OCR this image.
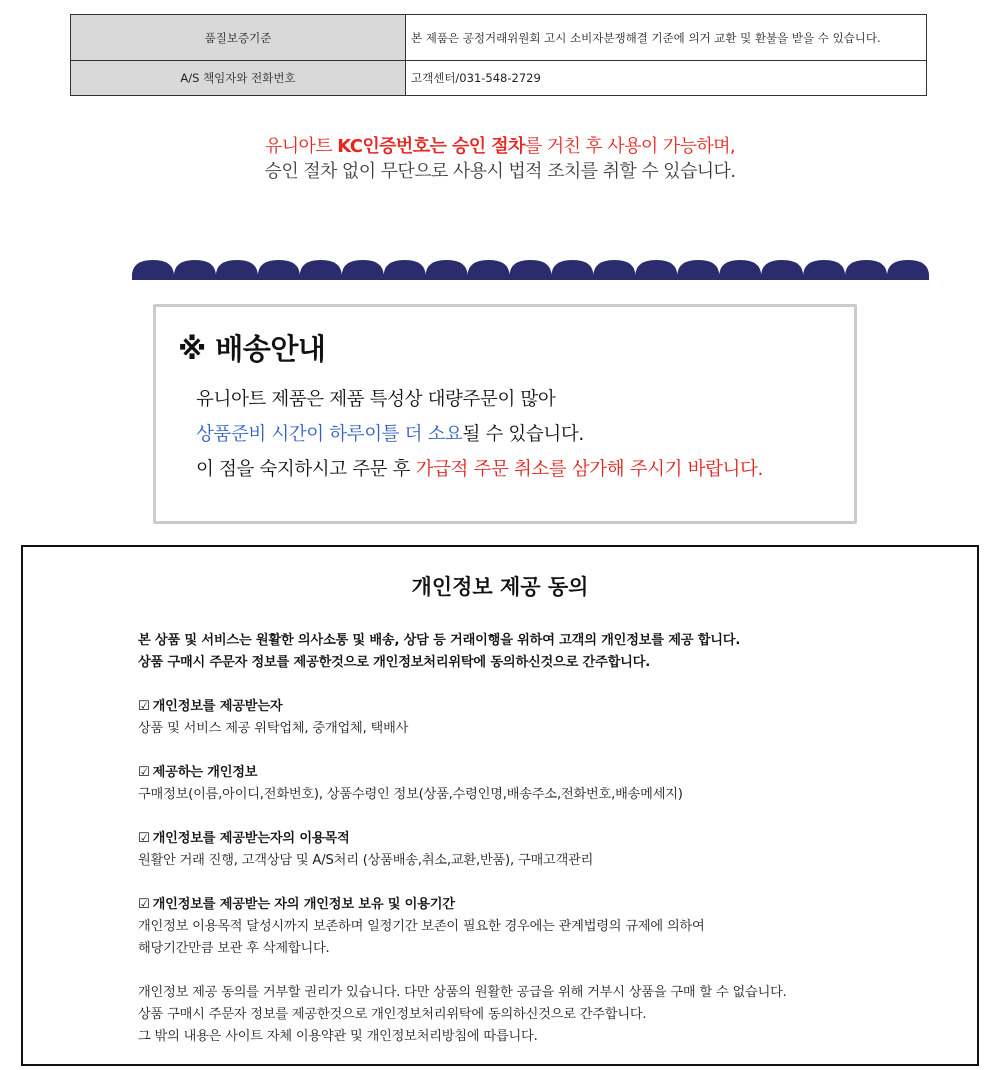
품질보증기준	본 제품은 공정거래위원회 고시 소비자분쟁해결 기준에 의거 교환 및 환불을 받을 수 있습니다.
A/S 책임자와 전화번호	고객센터/031-548-2729
유니아트 KC인증번호는 승인 절차를 거친 후 사용이 가능하며,
승인 절차 없이 무단으로 사용시 법적 조치를 취할 수 있습니다.
※ 배송안내
유니아트 제품은 제품 특성상 대량주문이 많아
상품준비 시간이 하루이틀 더 소요될 수 있습니다.
이 점을 숙지하시고 주문 후 가급적 주문 취소를 삼가해 주시기 바랍니다.
개인정보 제공 동의
본 상품 및 서비스는 원활한 의사소통 및 배송, 상담 등 거래이행을 위하여 고객의 개인정보를 제공 합니다.
상품 구매시 주문자 정보를 제공한것으로 개인정보처리위탁에 동의하신것으로 간주합니다.
☑ 개인정보를 제공받는자
상품 및 서비스 제공 위탁업체, 중개업체, 택배사
☑ 제공하는 개인정보
구매정보(이름,아이디,전화번호), 상품수령인 정보(상품,수령인명,배송주소,전화번호,배송메세지)
☑ 개인정보를 제공받는자의 이용목적
원활안 거래 진행, 고객상담 및 A/S처리 (상품배송,취소,교환,반품), 구매고객관리
☑ 개인정보를 제공받는 자의 개인정보 보유 및 이용기간
개인정보 이용목적 달성시까지 보존하며 일정기간 보존이 필요한 경우에는 관계법령의 규제에 의하여
해당기간만큼 보관 후 삭제합니다.
개인정보 제공 동의를 거부할 권리가 있습니다. 다만 상품의 원활한 공급을 위해 거부시 상품을 구매 할 수 없습니다.
상품 구매시 주문자 정보를 제공한것으로 개인정보처리위탁에 동의하신것으로 간주합니다.
그 밖의 내용은 사이트 자체 이용약관 및 개인정보처리방침에 따릅니다.
